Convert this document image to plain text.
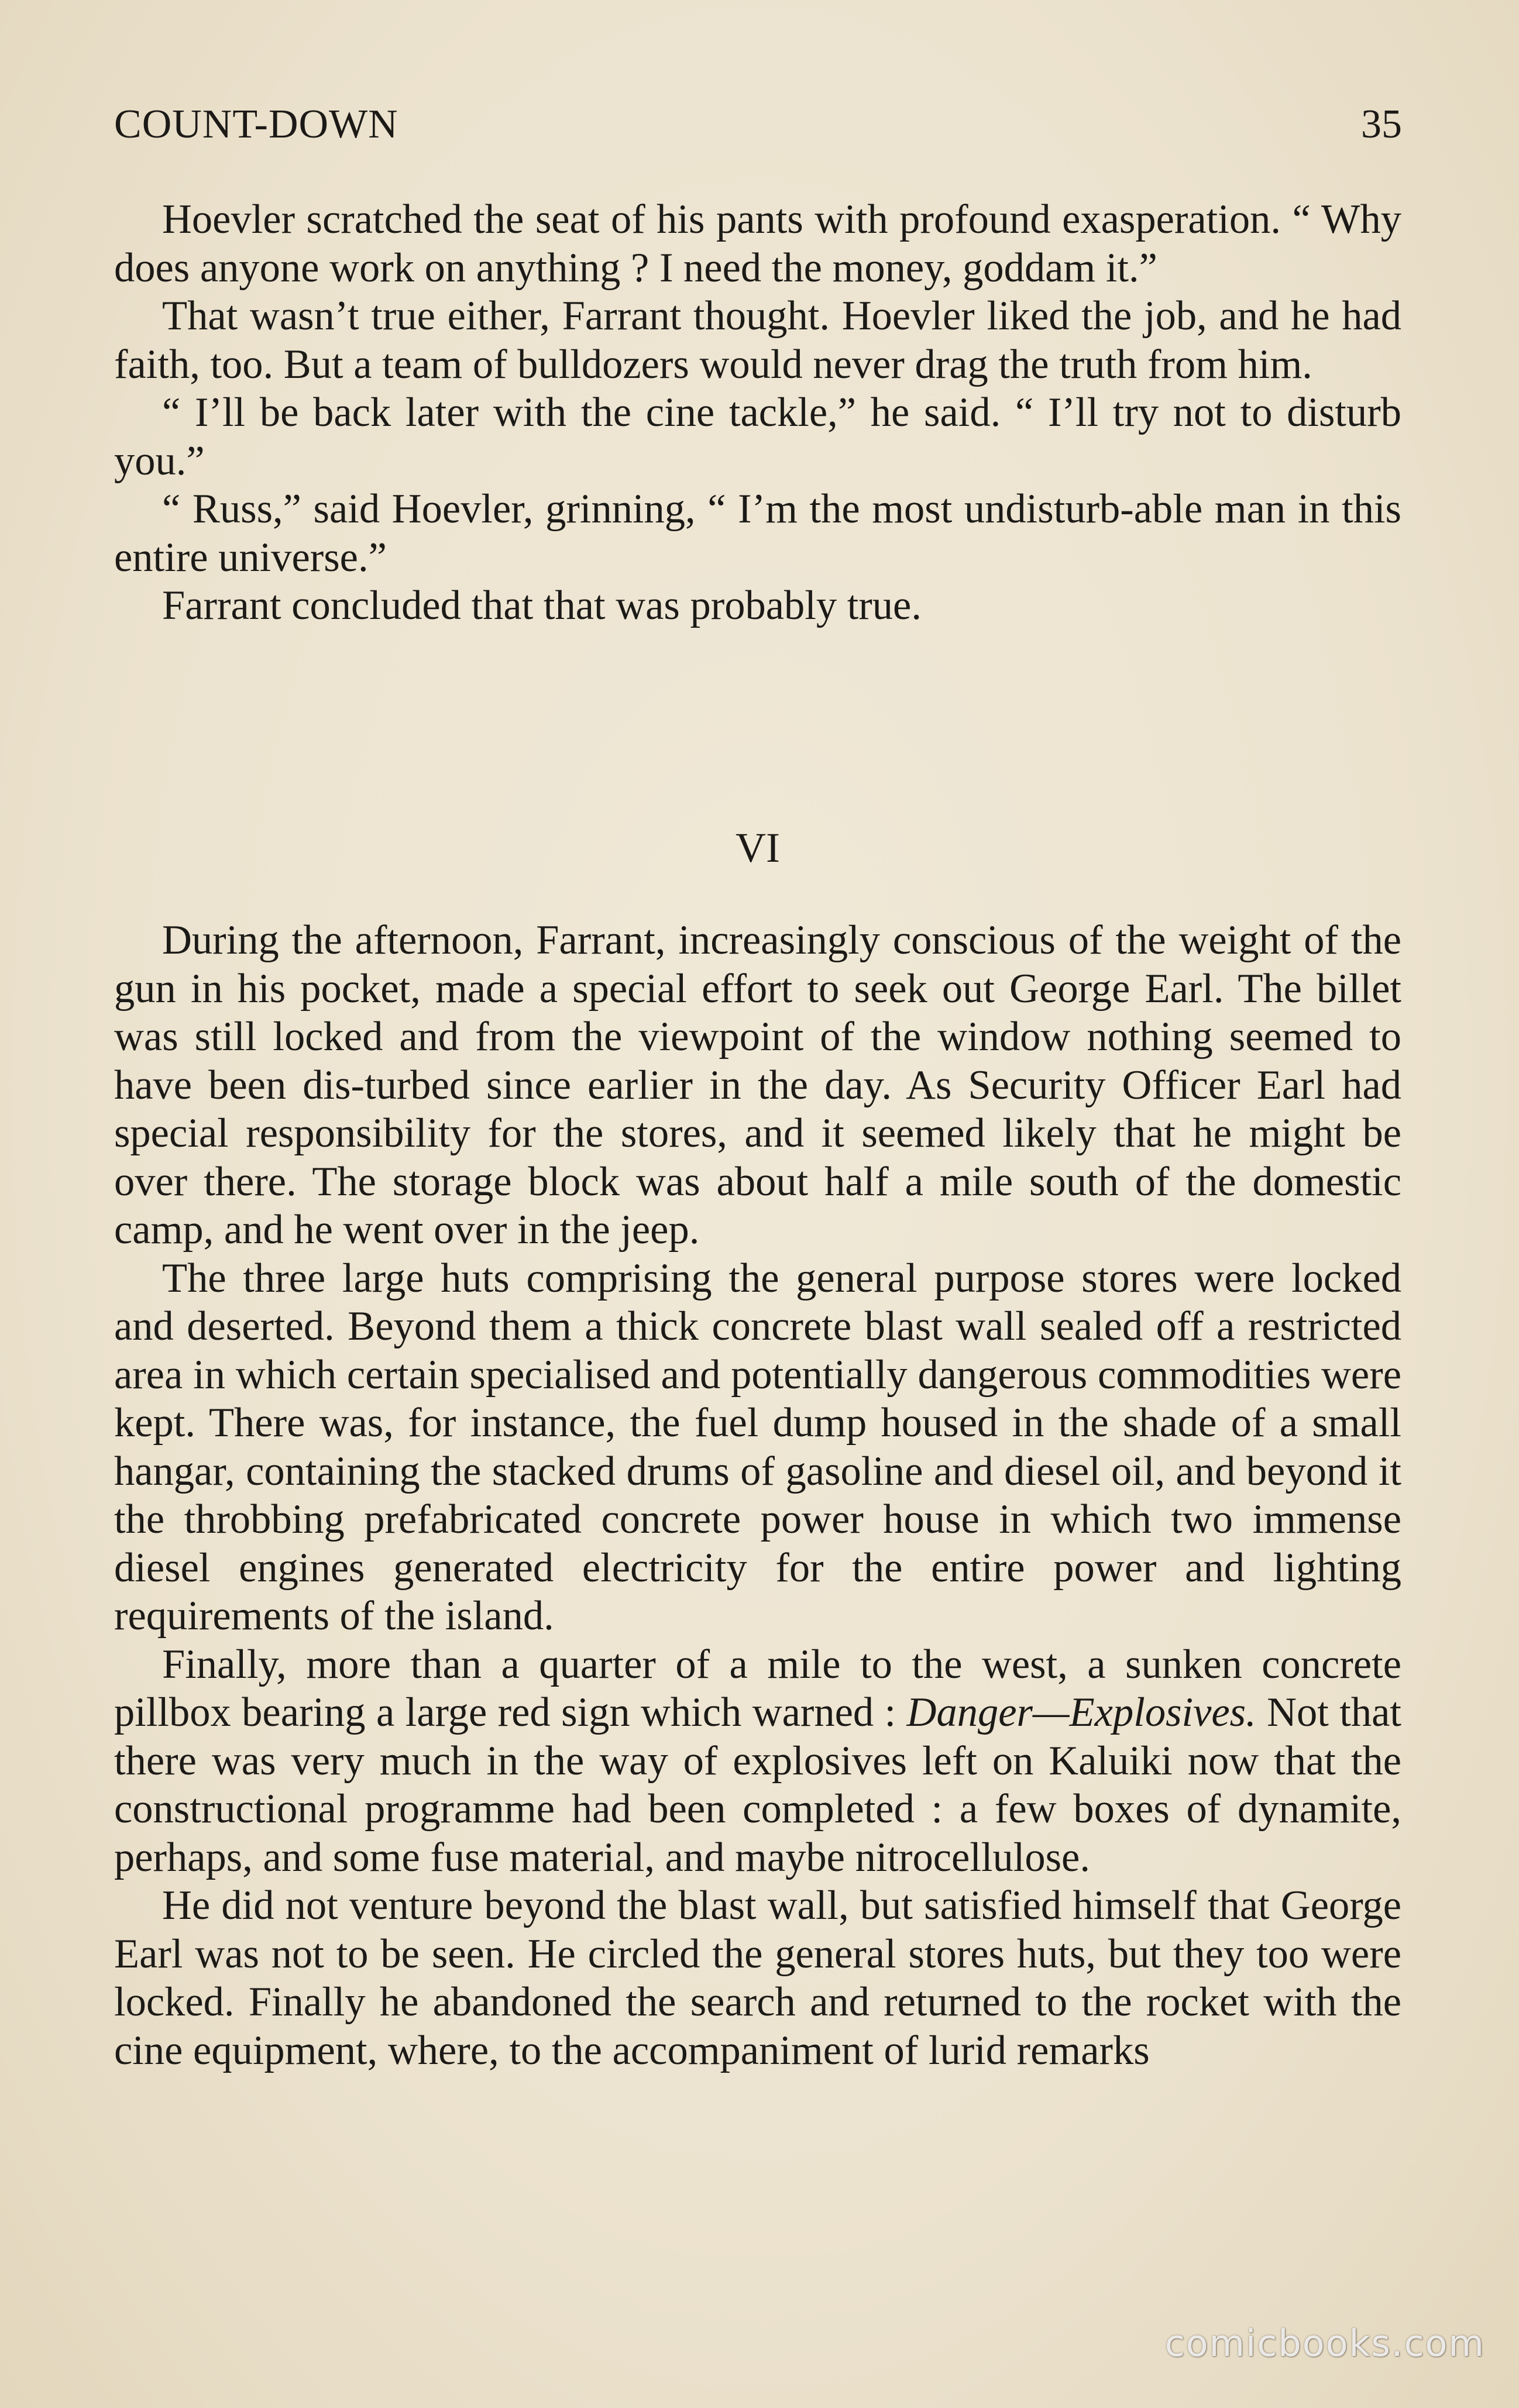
COUNT-DOWN	35

Hoevler scratched the seat of his pants with profound exasperation. “ Why does anyone work on anything ? I need the money, goddam it.”

That wasn’t true either, Farrant thought. Hoevler liked the job, and he had faith, too. But a team of bulldozers would never drag the truth from him.

“ I’ll be back later with the cine tackle,” he said. “ I’ll try not to disturb you.”

“ Russ,” said Hoevler, grinning, “ I’m the most undisturb-able man in this entire universe.”

Farrant concluded that that was probably true.

VI

During the afternoon, Farrant, increasingly conscious of the weight of the gun in his pocket, made a special effort to seek out George Earl. The billet was still locked and from the viewpoint of the window nothing seemed to have been dis-turbed since earlier in the day. As Security Officer Earl had special responsibility for the stores, and it seemed likely that he might be over there. The storage block was about half a mile south of the domestic camp, and he went over in the jeep.

The three large huts comprising the general purpose stores were locked and deserted. Beyond them a thick concrete blast wall sealed off a restricted area in which certain specialised and potentially dangerous commodities were kept. There was, for instance, the fuel dump housed in the shade of a small hangar, containing the stacked drums of gasoline and diesel oil, and beyond it the throbbing prefabricated concrete power house in which two immense diesel engines generated electricity for the entire power and lighting requirements of the island.

Finally, more than a quarter of a mile to the west, a sunken concrete pillbox bearing a large red sign which warned : Danger—Explosives. Not that there was very much in the way of explosives left on Kaluiki now that the constructional programme had been completed : a few boxes of dynamite, perhaps, and some fuse material, and maybe nitrocellulose.

He did not venture beyond the blast wall, but satisfied himself that George Earl was not to be seen. He circled the general stores huts, but they too were locked. Finally he abandoned the search and returned to the rocket with the cine equipment, where, to the accompaniment of lurid remarks

comicbooks.com
